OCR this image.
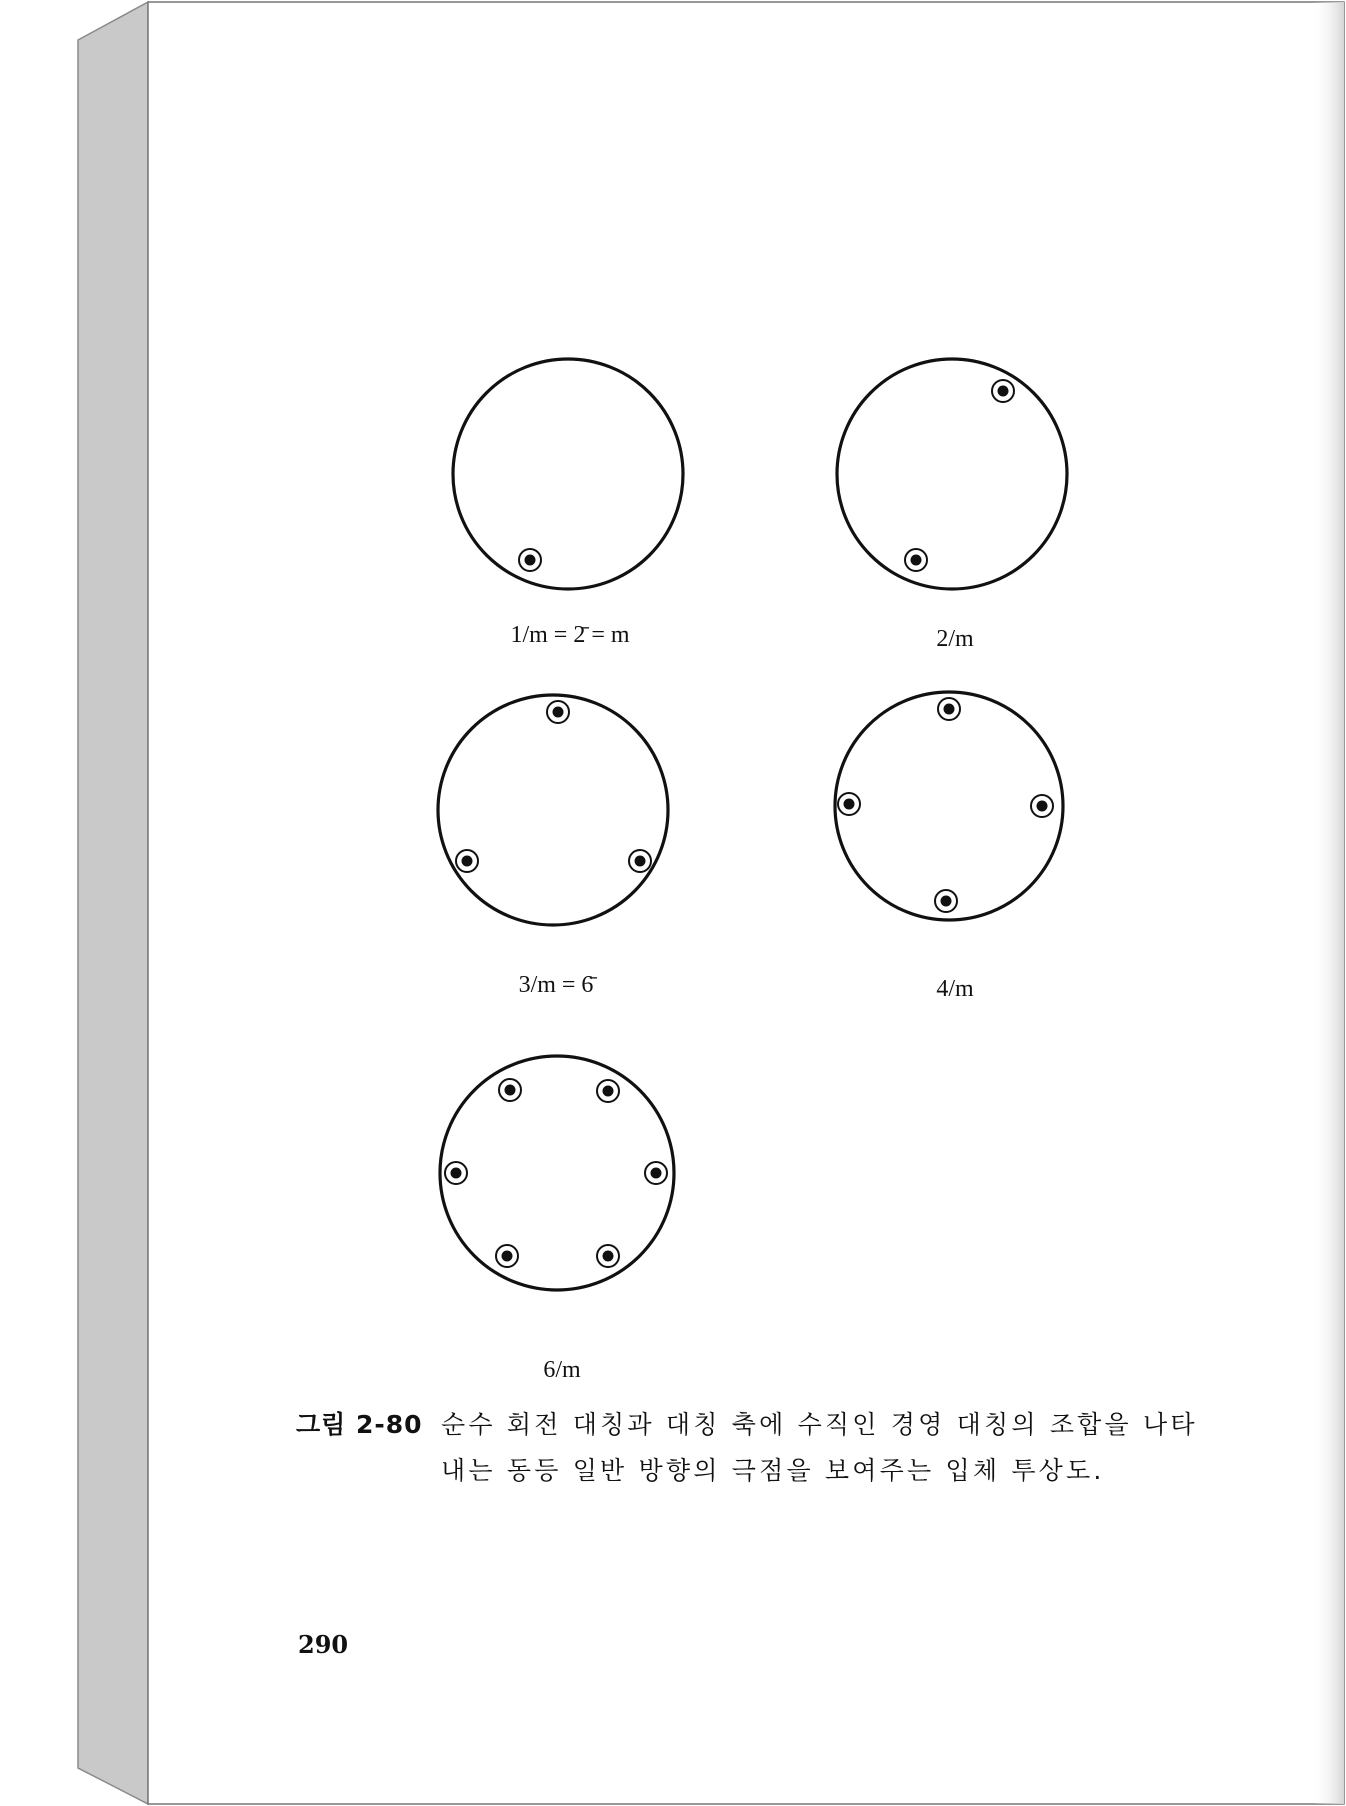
1/m = 2̄ = m	2/m
3/m = 6̄	4/m
6/m
그림 2-80 순수 회전 대칭과 대칭 축에 수직인 경영 대칭의 조합을 나타
내는 동등 일반 방향의 극점을 보여주는 입체 투상도.
290
